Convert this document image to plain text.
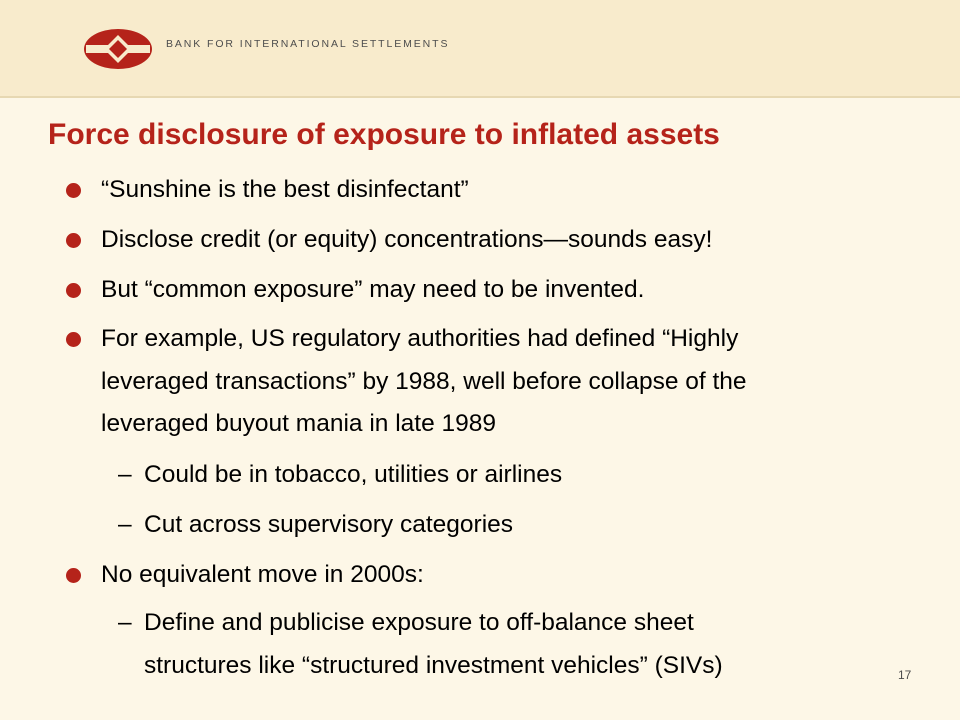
BANK FOR INTERNATIONAL SETTLEMENTS
Force disclosure of exposure to inflated assets
“Sunshine is the best disinfectant”
Disclose credit (or equity) concentrations—sounds easy!
But “common exposure” may need to be invented.
For example, US regulatory authorities had defined “Highly
leveraged transactions” by 1988, well before collapse of the
leveraged buyout mania in late 1989
– Could be in tobacco, utilities or airlines
– Cut across supervisory categories
No equivalent move in 2000s:
– Define and publicise exposure to off-balance sheet
structures like “structured investment vehicles” (SIVs)	17
